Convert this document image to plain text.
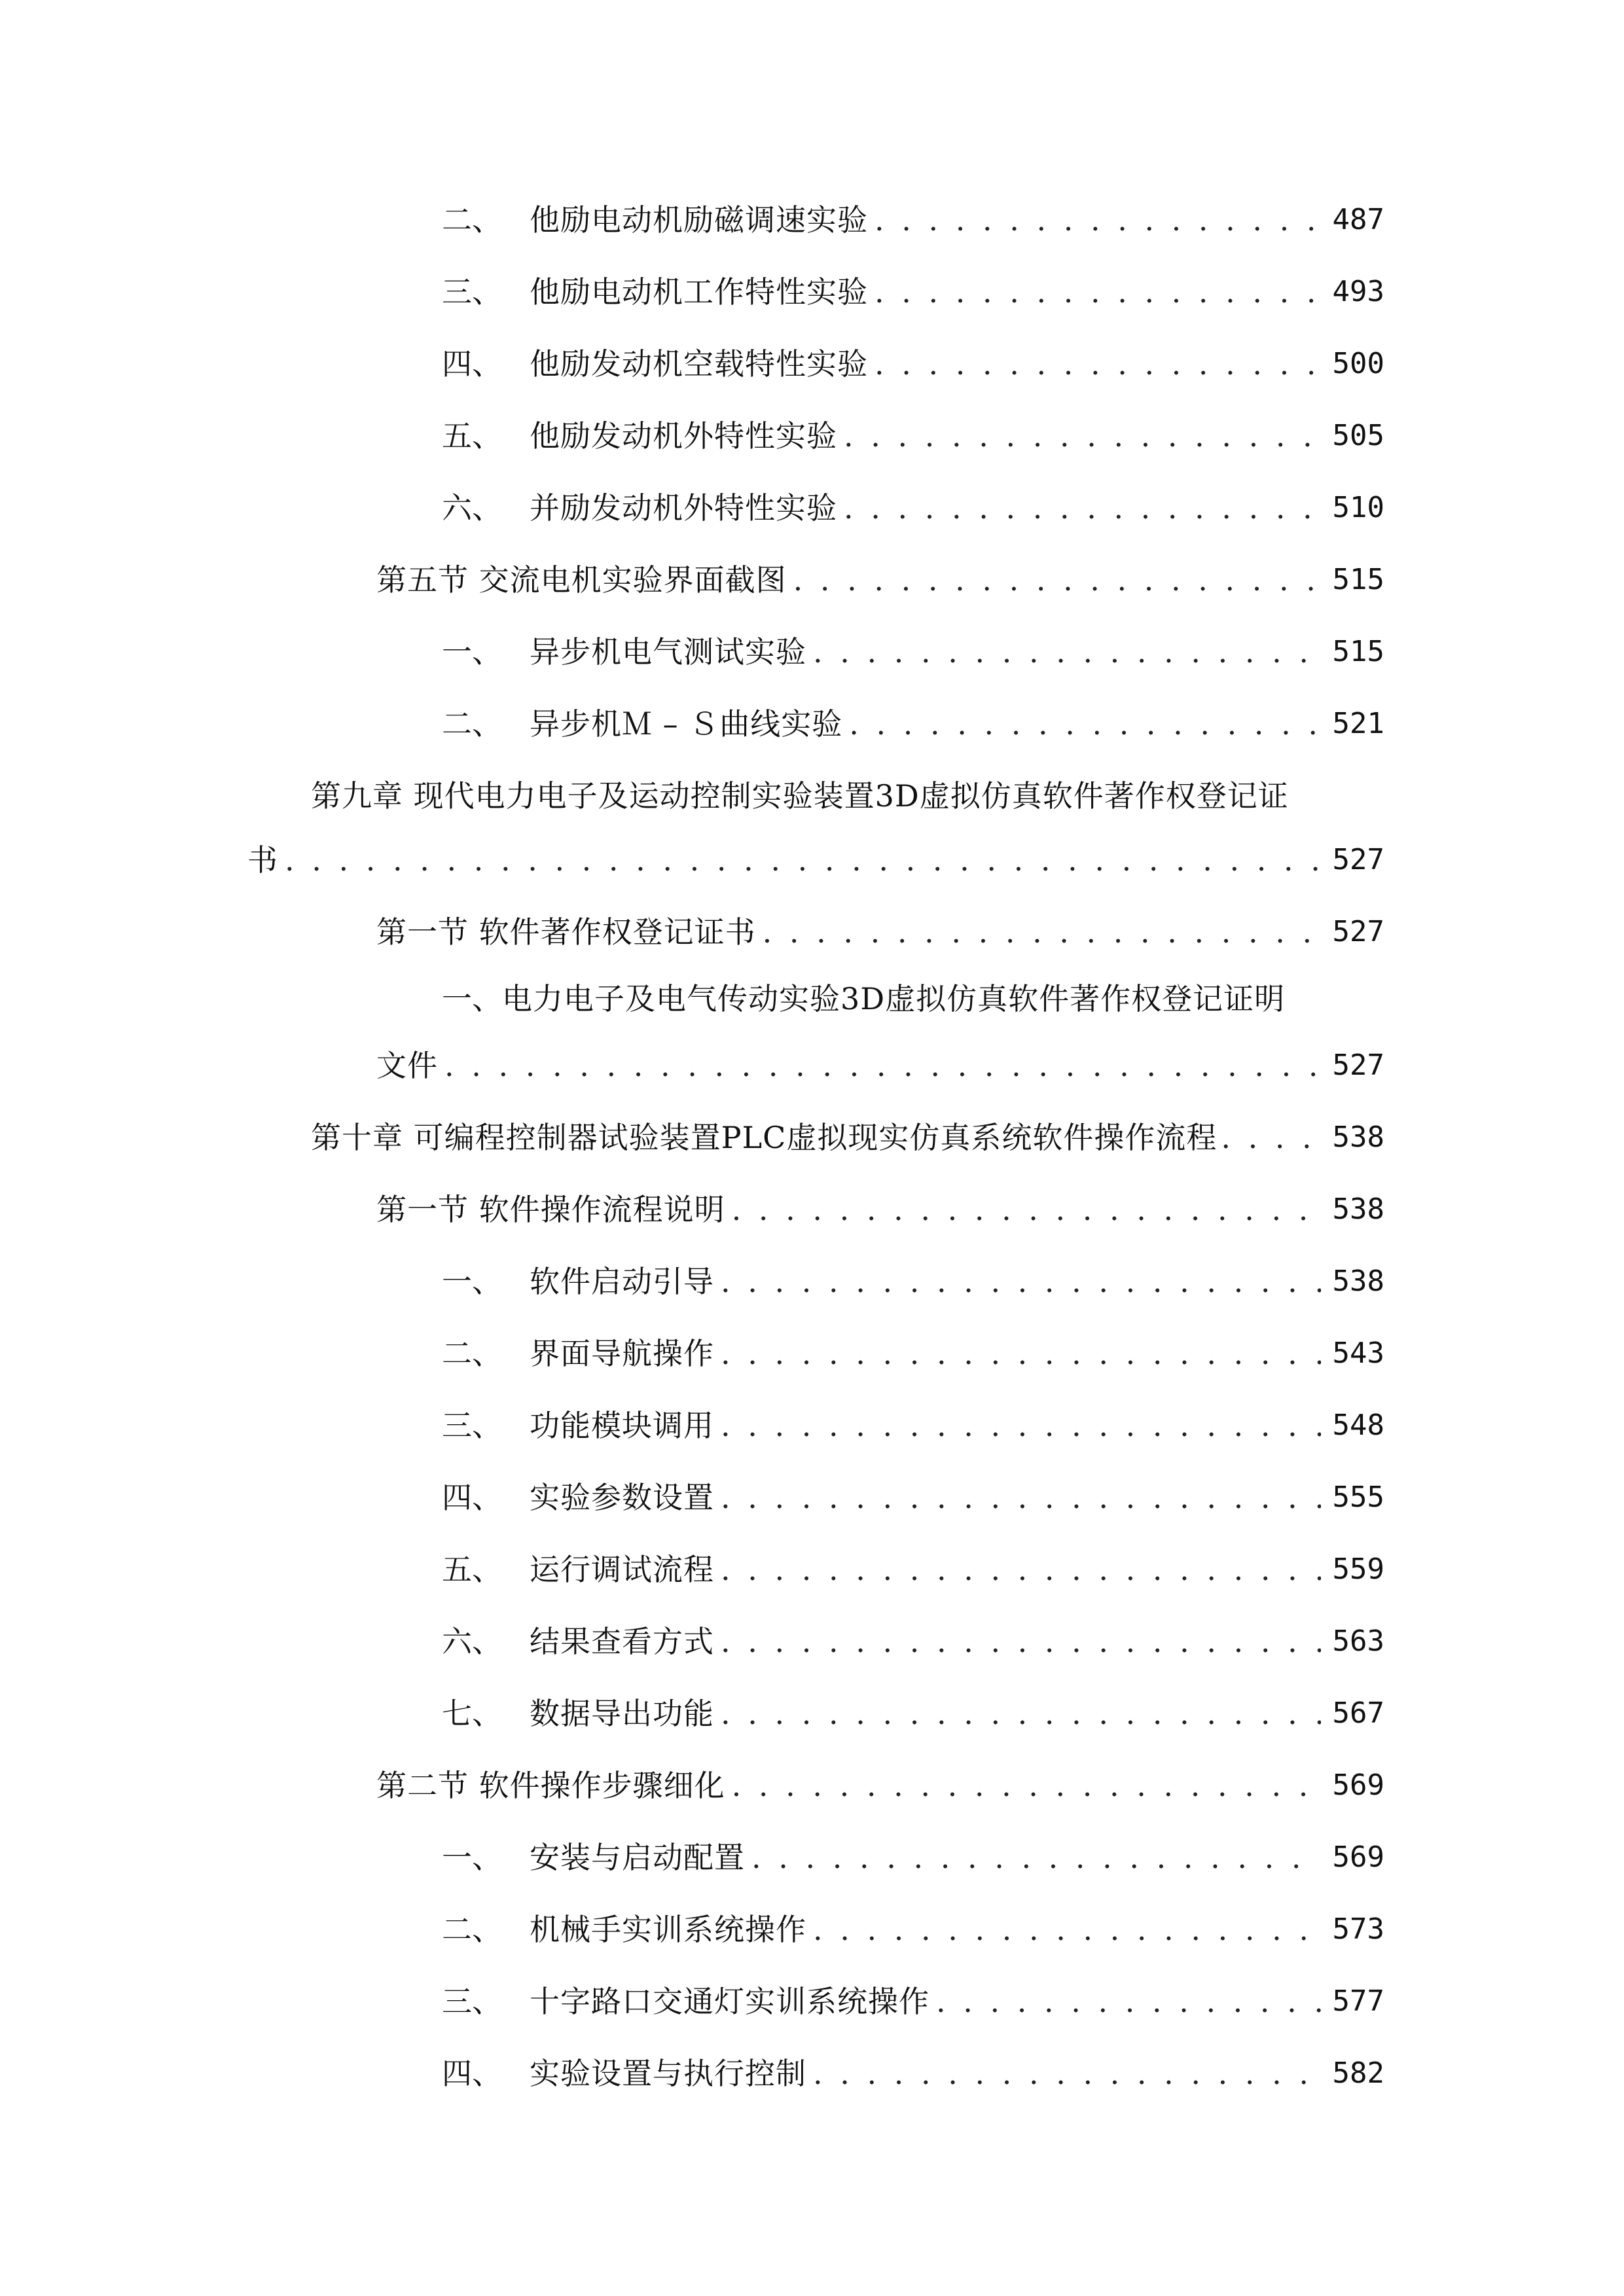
二、 他励电动机励磁调速实验 . . .	487
三、 他励电动机工作特性实验 . . .	493
四、 他励发动机空载特性实验 . . .	500
五、 他励发动机外特性实验 . . .	505
六、 并励发动机外特性实验 . . .	510
第五节 交流电机实验界面截图 . . .	515
一、 异步机电气测试实验 . . .	515
二、 异步机Ｍ – Ｓ曲线实验 . . .	521
第九章 现代电力电子及运动控制实验装置3D虚拟仿真软件著作权登记证
书 . . .	527
第一节 软件著作权登记证书 . . .	527
一、 电力电子及电气传动实验3D虚拟仿真软件著作权登记证明
文件 . . .	527
第十章 可编程控制器试验装置PLC虚拟现实仿真系统软件操作流程 . . .	538
第一节 软件操作流程说明 . . .	538
一、 软件启动引导 . . .	538
二、 界面导航操作 . . .	543
三、 功能模块调用 . . .	548
四、 实验参数设置 . . .	555
五、 运行调试流程 . . .	559
六、 结果查看方式 . . .	563
七、 数据导出功能 . . .	567
第二节 软件操作步骤细化 . . .	569
一、 安装与启动配置 . . .	569
二、 机械手实训系统操作 . . .	573
三、 十字路口交通灯实训系统操作 . . .	577
四、 实验设置与执行控制 . . .	582
